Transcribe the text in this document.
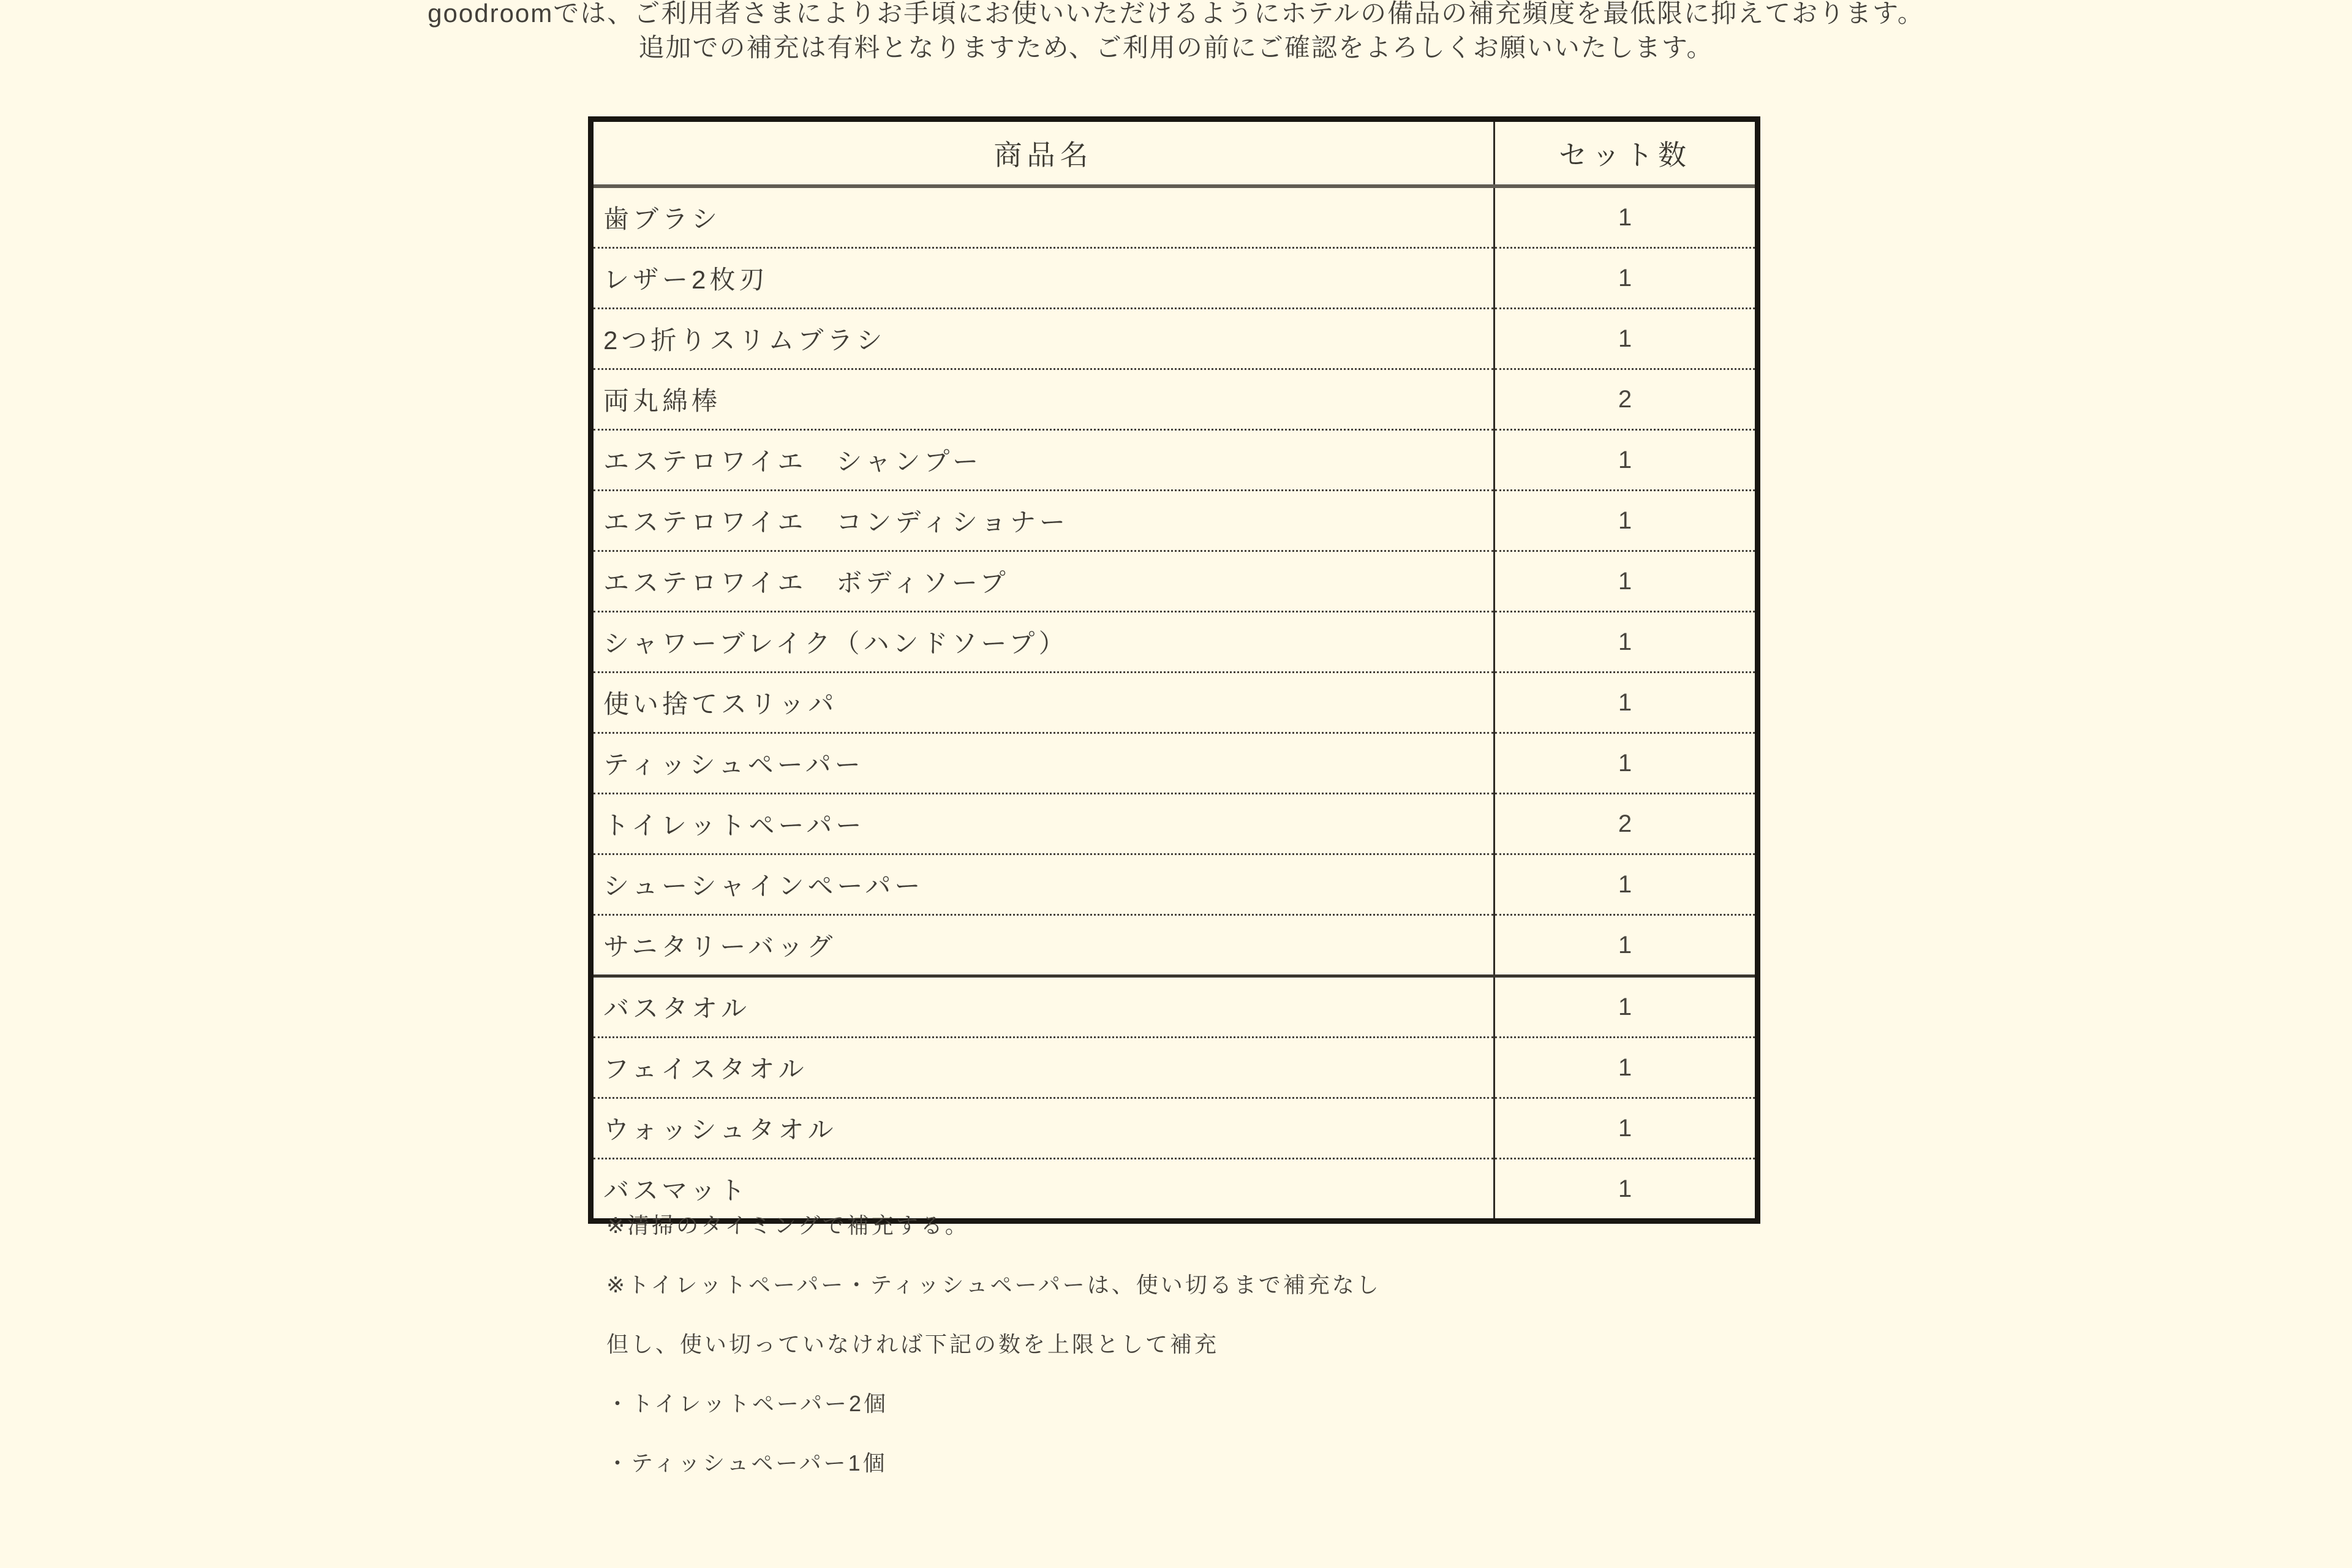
goodroomでは、ご利用者さまによりお手頃にお使いいただけるようにホテルの備品の補充頻度を最低限に抑えております。
追加での補充は有料となりますため、ご利用の前にご確認をよろしくお願いいたします。
商品名	セット数
歯ブラシ	1
レザー2枚刃	1
2つ折りスリムブラシ	1
両丸綿棒	2
エステロワイエ　シャンプー	1
エステロワイエ　コンディショナー	1
エステロワイエ　ボディソープ	1
シャワーブレイク（ハンドソープ）	1
使い捨てスリッパ	1
ティッシュペーパー	1
トイレットペーパー	2
シューシャインペーパー	1
サニタリーバッグ	1
バスタオル	1
フェイスタオル	1
ウォッシュタオル	1
バスマット	1
※清掃のタイミングで補充する。
※トイレットペーパー・ティッシュペーパーは、使い切るまで補充なし
但し、使い切っていなければ下記の数を上限として補充
・トイレットペーパー2個
・ティッシュペーパー1個
